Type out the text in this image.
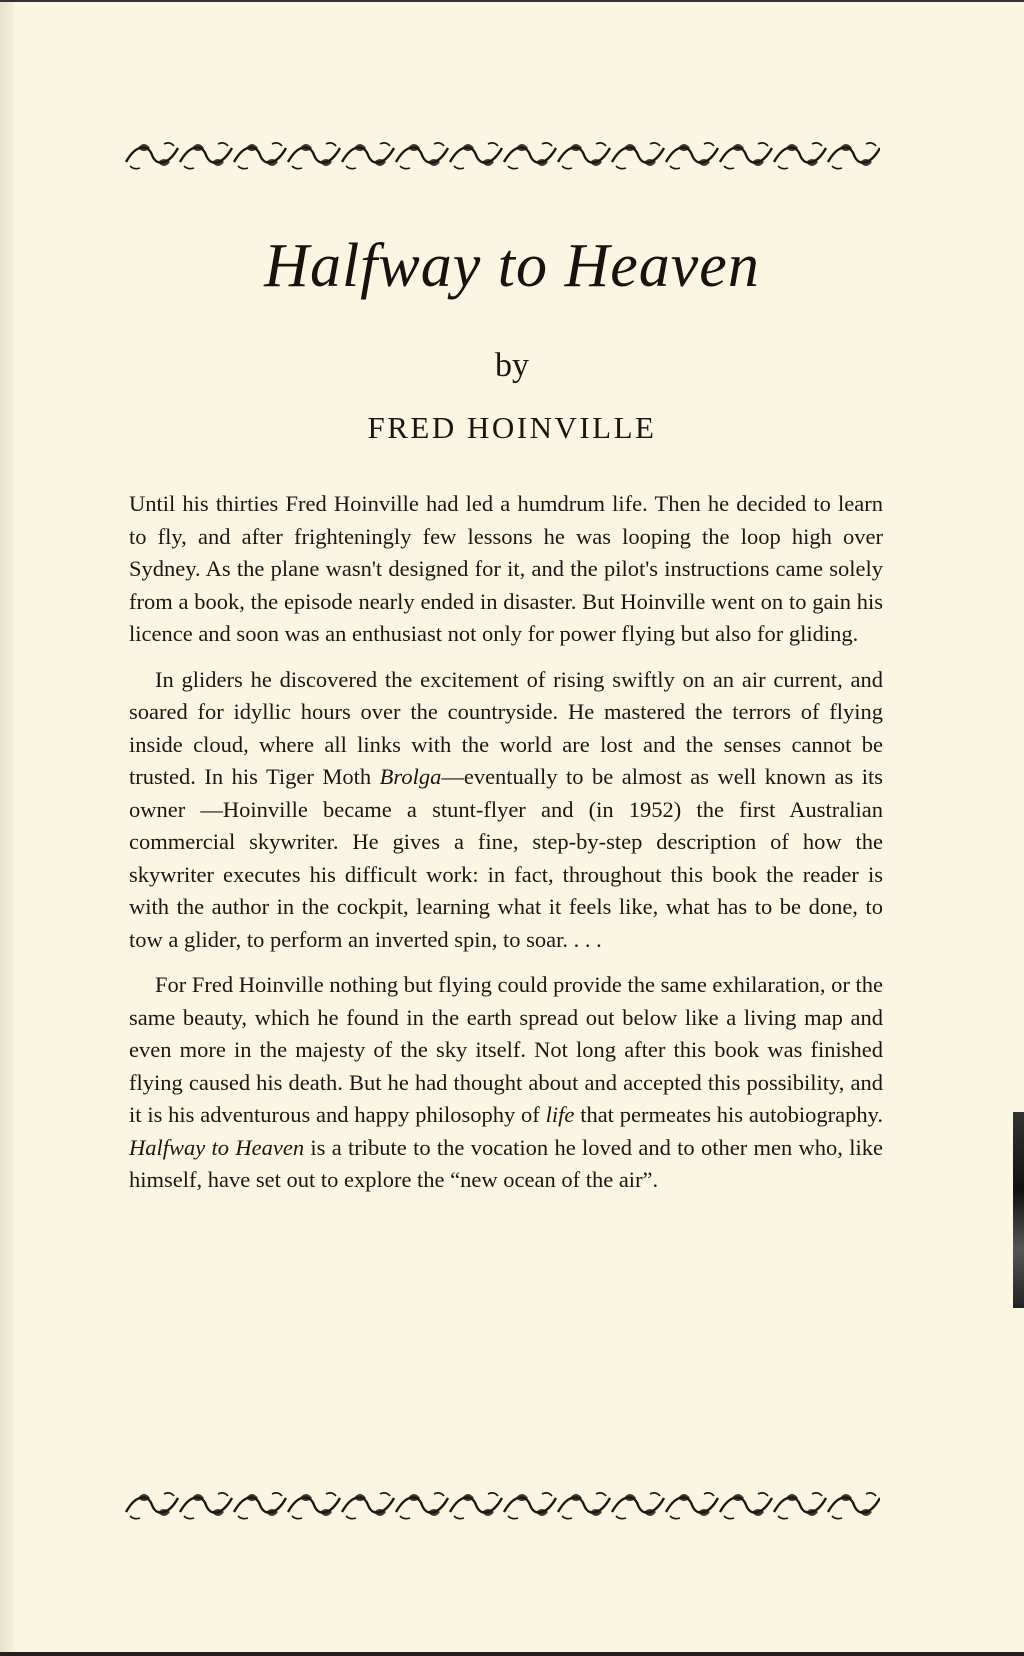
Halfway to Heaven
by
FRED HOINVILLE

Until his thirties Fred Hoinville had led a humdrum life. Then he decided to learn to fly, and after frighteningly few lessons he was looping the loop high over Sydney. As the plane wasn't designed for it, and the pilot's instructions came solely from a book, the episode nearly ended in disaster. But Hoinville went on to gain his licence and soon was an enthusiast not only for power flying but also for gliding.

In gliders he discovered the excitement of rising swiftly on an air current, and soared for idyllic hours over the countryside. He mastered the terrors of flying inside cloud, where all links with the world are lost and the senses cannot be trusted. In his Tiger Moth Brolga—eventually to be almost as well known as its owner —Hoinville became a stunt-flyer and (in 1952) the first Australian commercial skywriter. He gives a fine, step-by-step description of how the skywriter executes his difficult work: in fact, throughout this book the reader is with the author in the cockpit, learning what it feels like, what has to be done, to tow a glider, to perform an inverted spin, to soar. . . .

For Fred Hoinville nothing but flying could provide the same exhilaration, or the same beauty, which he found in the earth spread out below like a living map and even more in the majesty of the sky itself. Not long after this book was finished flying caused his death. But he had thought about and accepted this possibility, and it is his adventurous and happy philosophy of life that permeates his autobiography. Halfway to Heaven is a tribute to the vocation he loved and to other men who, like himself, have set out to explore the “new ocean of the air”.
